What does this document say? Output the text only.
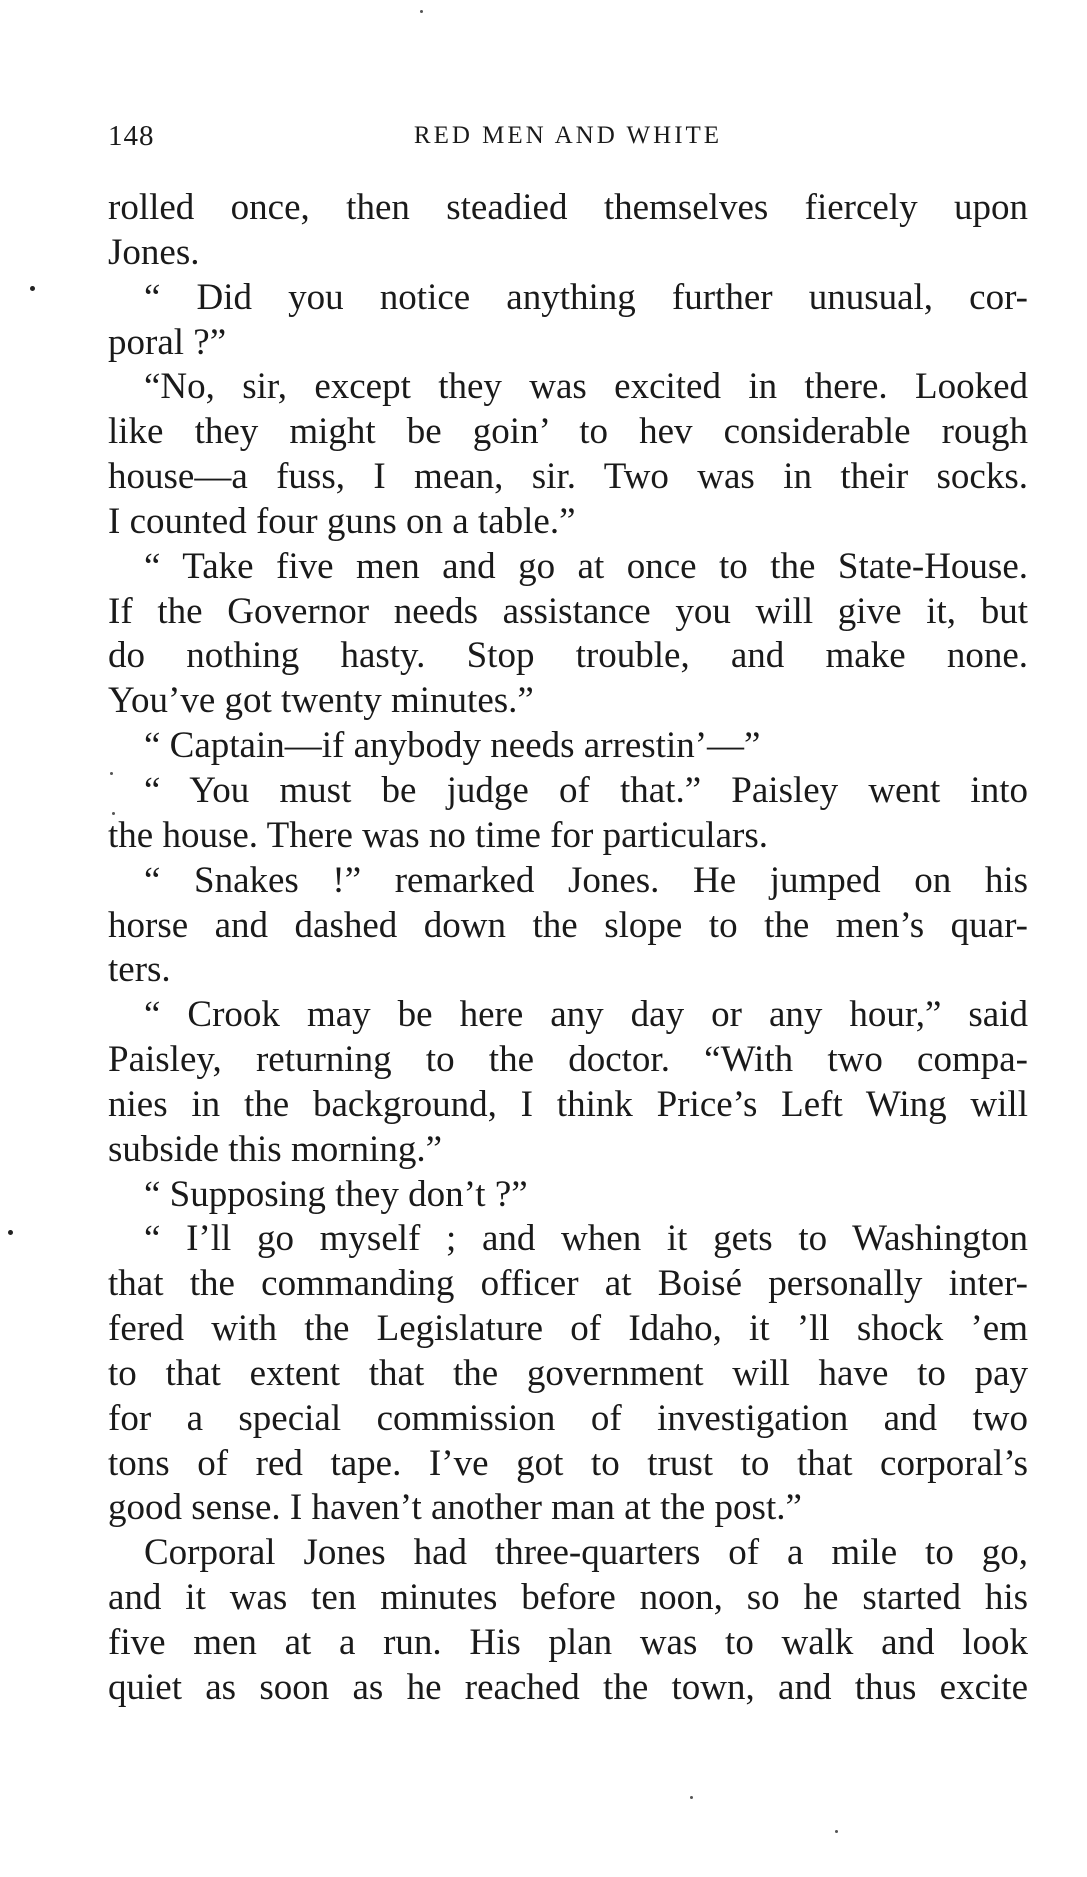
148	RED MEN AND WHITE
rolled once, then steadied themselves fiercely upon
Jones.
“ Did you notice anything further unusual, cor-
poral ?”
“No, sir, except they was excited in there. Looked
like they might be goin’ to hev considerable rough
house—a fuss, I mean, sir. Two was in their socks.
I counted four guns on a table.”
“ Take five men and go at once to the State-House.
If the Governor needs assistance you will give it, but
do nothing hasty. Stop trouble, and make none.
You’ve got twenty minutes.”
“ Captain—if anybody needs arrestin’—”
“ You must be judge of that.” Paisley went into
the house. There was no time for particulars.
“ Snakes !” remarked Jones. He jumped on his
horse and dashed down the slope to the men’s quar-
ters.
“ Crook may be here any day or any hour,” said
Paisley, returning to the doctor. “With two compa-
nies in the background, I think Price’s Left Wing will
subside this morning.”
“ Supposing they don’t ?”
“ I’ll go myself ; and when it gets to Washington
that the commanding officer at Boisé personally inter-
fered with the Legislature of Idaho, it ’ll shock ’em
to that extent that the government will have to pay
for a special commission of investigation and two
tons of red tape. I’ve got to trust to that corporal’s
good sense. I haven’t another man at the post.”
Corporal Jones had three-quarters of a mile to go,
and it was ten minutes before noon, so he started his
five men at a run. His plan was to walk and look
quiet as soon as he reached the town, and thus excite
